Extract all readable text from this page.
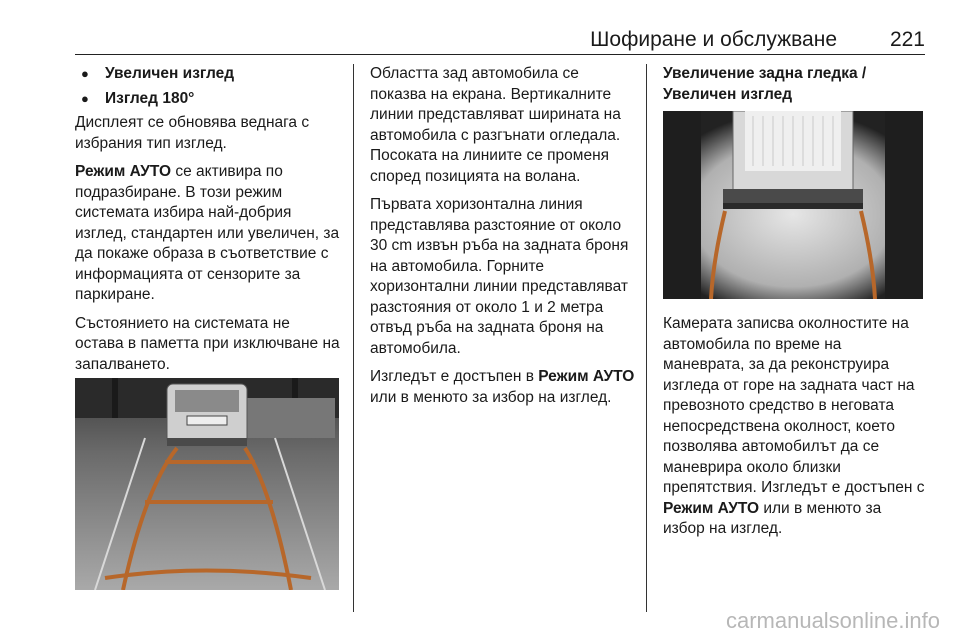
Шофиране и обслужване	221
●	Увеличен изглед
●	Изглед 180°

Дисплеят се обновява веднага с избрания тип изглед.

Режим АУТО се активира по подразбиране. В този режим системата избира най-добрия изглед, стандартен или увеличен, за да покаже образа в съответствие с информацията от сензорите за паркиране.

Състоянието на системата не остава в паметта при изключване на запалването.

Областта зад автомобила се показва на екрана. Вертикалните линии представляват ширината на автомобила с разгънати огледала. Посоката на линиите се променя според позицията на волана.

Първата хоризонтална линия представлява разстояние от около 30 cm извън ръба на задната броня на автомобила. Горните хоризонтални линии представляват разстояния от около 1 и 2 метра отвъд ръба на задната броня на автомобила.

Изгледът е достъпен в Режим АУТО или в менюто за избор на изглед.

Увеличение задна гледка / Увеличен изглед

Камерата записва околностите на автомобила по време на маневрата, за да реконструира изгледа от горе на задната част на превозното средство в неговата непосредствена околност, което позволява автомобилът да се маневрира около близки препятствия. Изгледът е достъпен с Режим АУТО или в менюто за избор на изглед.

carmanualsonline.info
